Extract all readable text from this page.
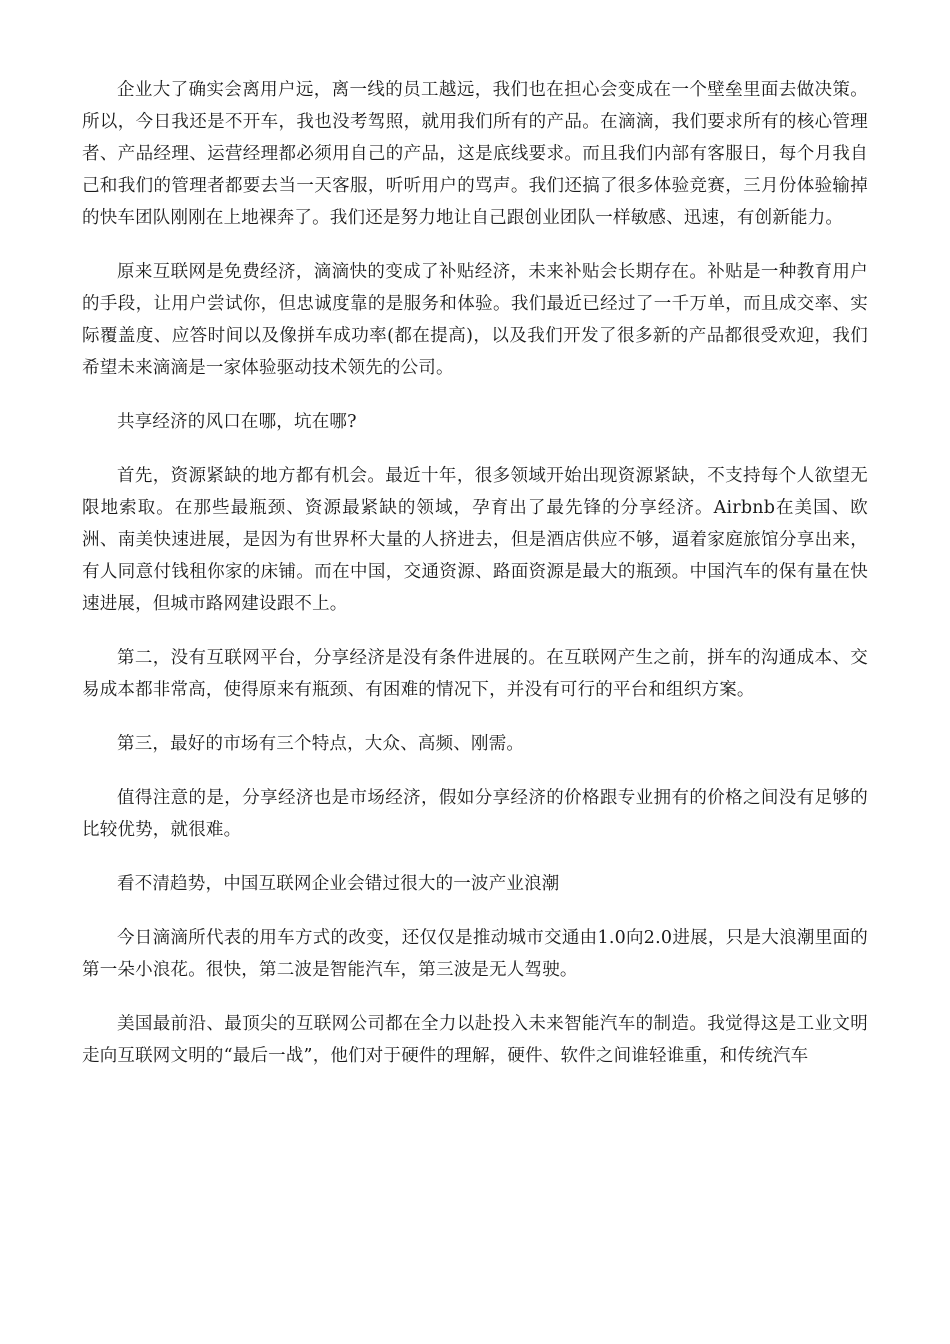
企业大了确实会离用户远，离一线的员工越远，我们也在担心会变成在一个壁垒里面去做决策。所以，今日我还是不开车，我也没考驾照，就用我们所有的产品。在滴滴，我们要求所有的核心管理者、产品经理、运营经理都必须用自己的产品，这是底线要求。而且我们内部有客服日，每个月我自己和我们的管理者都要去当一天客服，听听用户的骂声。我们还搞了很多体验竞赛，三月份体验输掉的快车团队刚刚在上地裸奔了。我们还是努力地让自己跟创业团队一样敏感、迅速，有创新能力。

原来互联网是免费经济，滴滴快的变成了补贴经济，未来补贴会长期存在。补贴是一种教育用户的手段，让用户尝试你，但忠诚度靠的是服务和体验。我们最近已经过了一千万单，而且成交率、实际覆盖度、应答时间以及像拼车成功率(都在提高)，以及我们开发了很多新的产品都很受欢迎，我们希望未来滴滴是一家体验驱动技术领先的公司。

共享经济的风口在哪，坑在哪?

首先，资源紧缺的地方都有机会。最近十年，很多领域开始出现资源紧缺，不支持每个人欲望无限地索取。在那些最瓶颈、资源最紧缺的领域，孕育出了最先锋的分享经济。Airbnb在美国、欧洲、南美快速进展，是因为有世界杯大量的人挤进去，但是酒店供应不够，逼着家庭旅馆分享出来，有人同意付钱租你家的床铺。而在中国，交通资源、路面资源是最大的瓶颈。中国汽车的保有量在快速进展，但城市路网建设跟不上。

第二，没有互联网平台，分享经济是没有条件进展的。在互联网产生之前，拼车的沟通成本、交易成本都非常高，使得原来有瓶颈、有困难的情况下，并没有可行的平台和组织方案。

第三，最好的市场有三个特点，大众、高频、刚需。

值得注意的是，分享经济也是市场经济，假如分享经济的价格跟专业拥有的价格之间没有足够的比较优势，就很难。

看不清趋势，中国互联网企业会错过很大的一波产业浪潮

今日滴滴所代表的用车方式的改变，还仅仅是推动城市交通由1.0向2.0进展，只是大浪潮里面的第一朵小浪花。很快，第二波是智能汽车，第三波是无人驾驶。

美国最前沿、最顶尖的互联网公司都在全力以赴投入未来智能汽车的制造。我觉得这是工业文明走向互联网文明的“最后一战”，他们对于硬件的理解，硬件、软件之间谁轻谁重，和传统汽车
